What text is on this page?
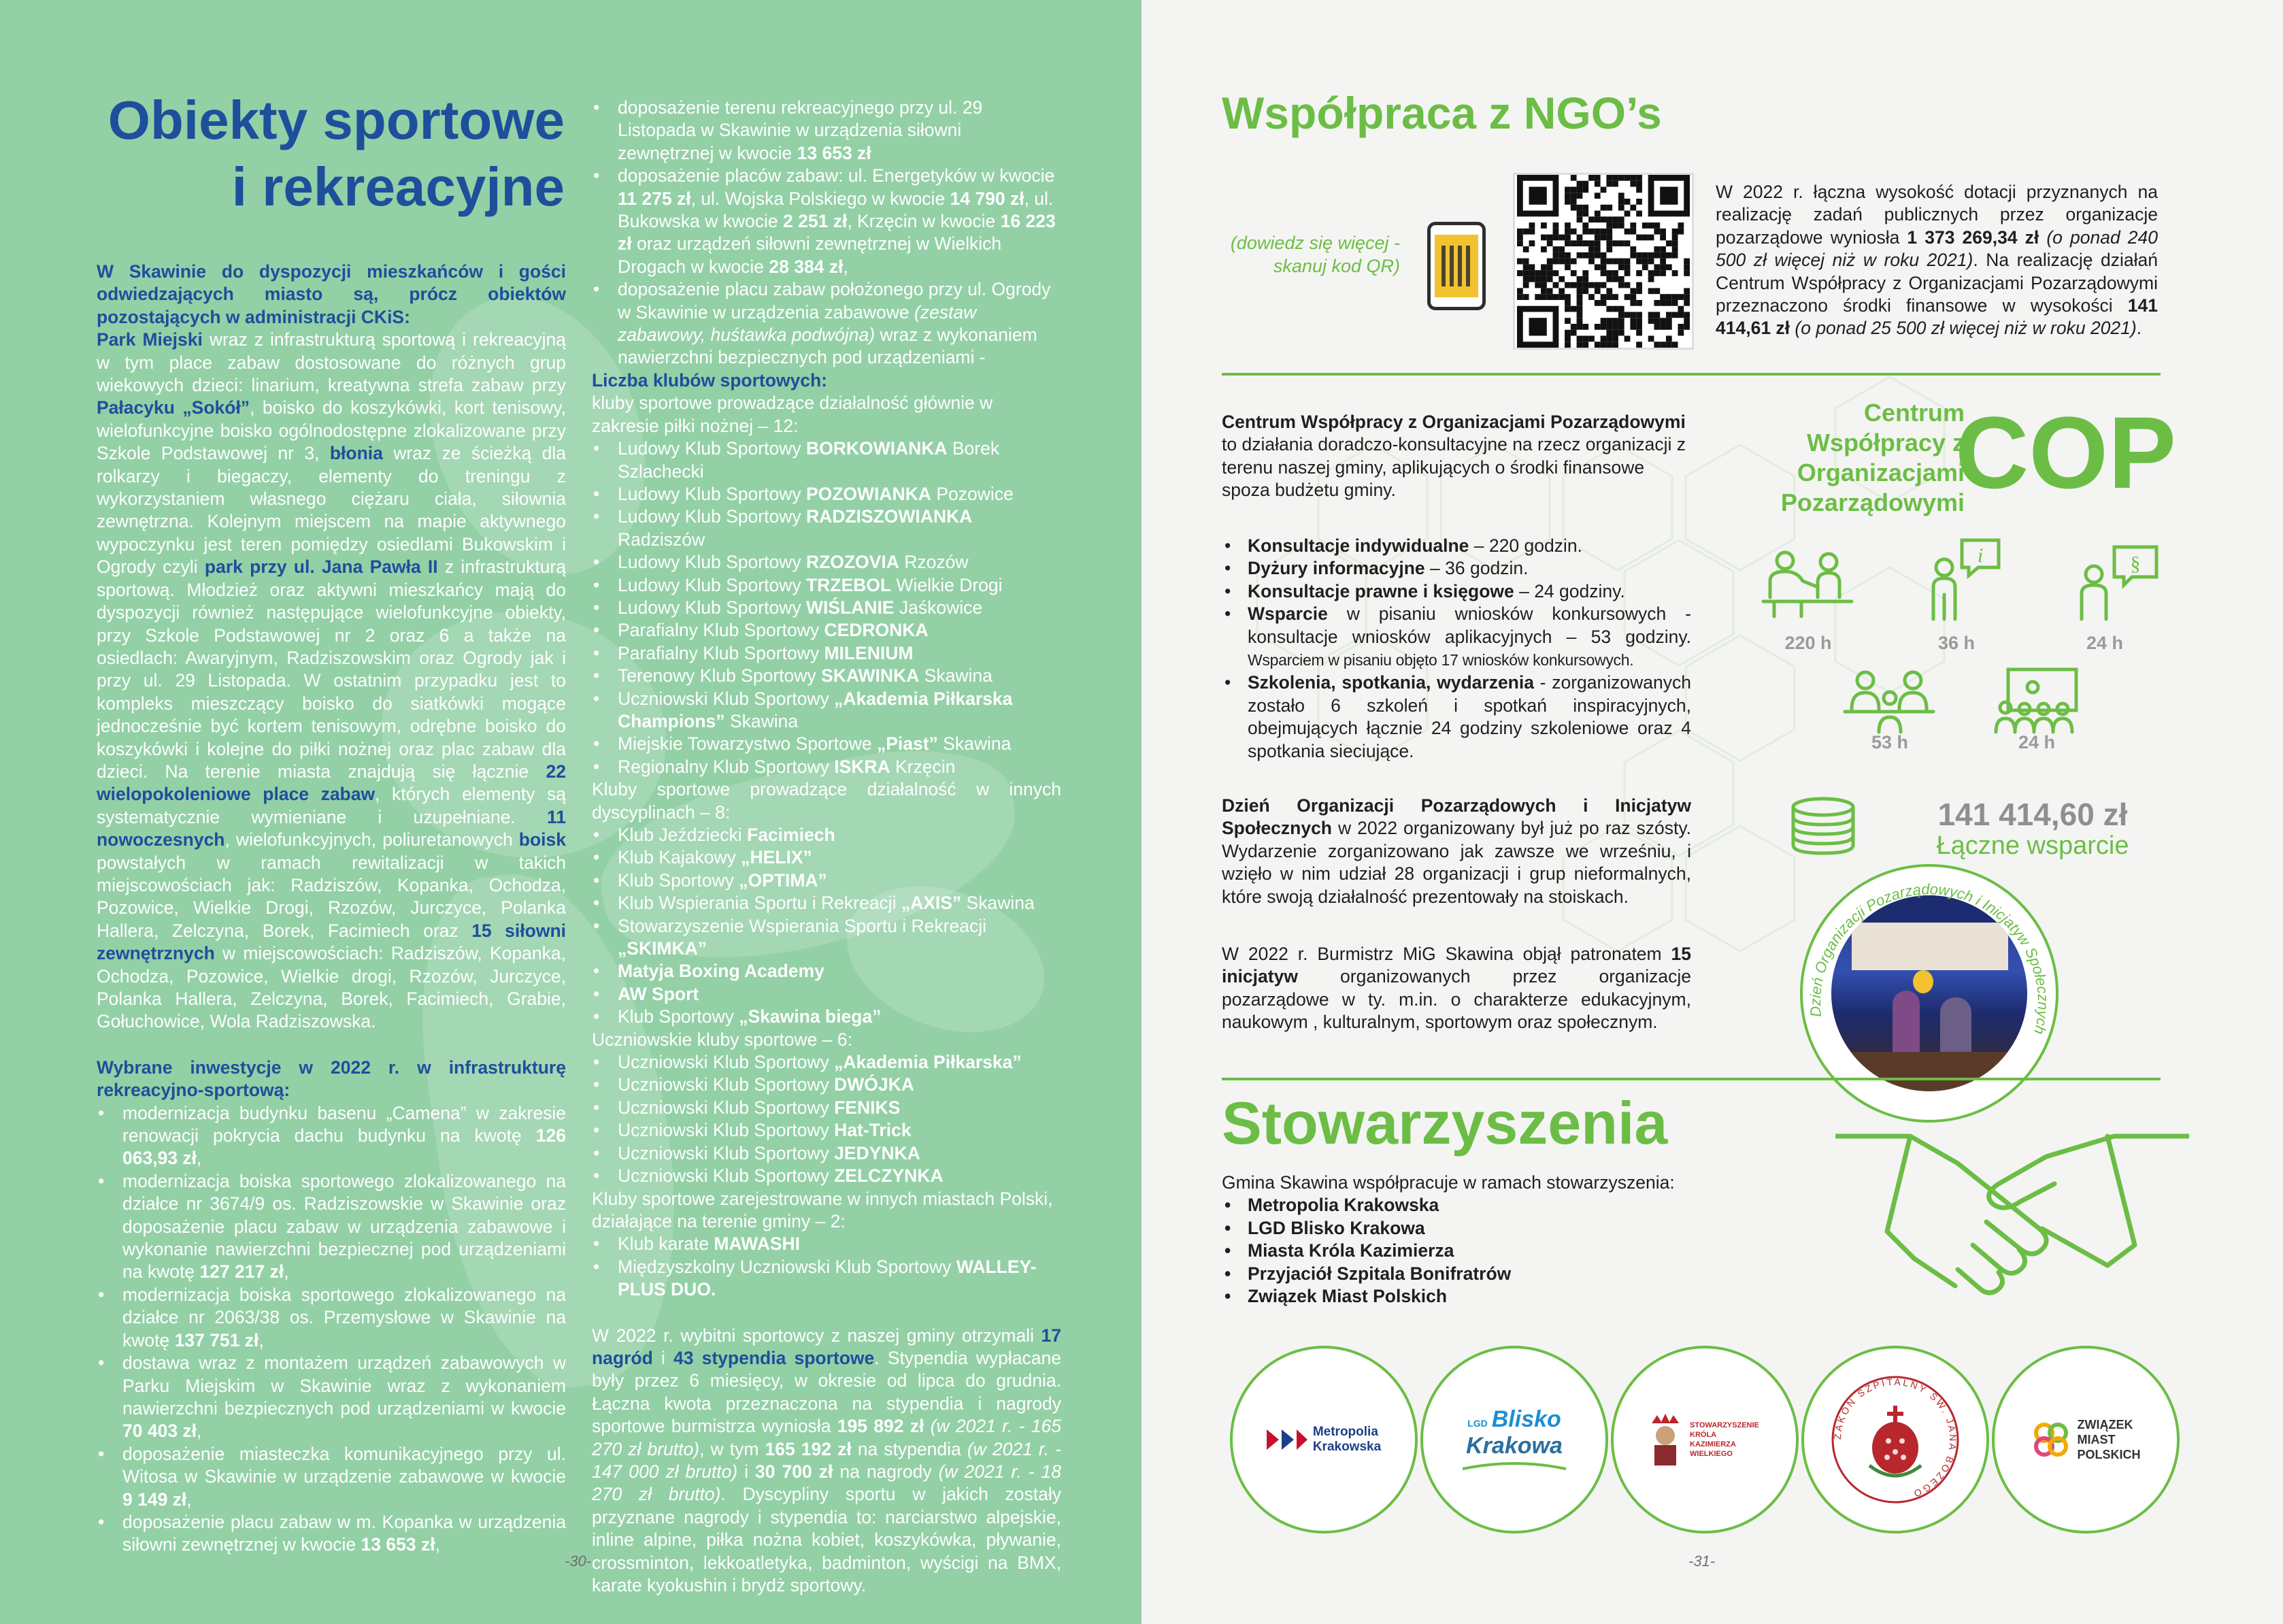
Obiekty sportowe
i rekreacyjne
W Skawinie do dyspozycji mieszkańców i gości odwiedzających miasto są, prócz obiektów pozostających w administracji CKiS:
Park Miejski wraz z infrastrukturą sportową i rekreacyjną w tym place zabaw dostosowane do różnych grup wiekowych dzieci: linarium, kreatywna strefa zabaw przy Pałacyku „Sokół”, boisko do koszykówki, kort tenisowy, wielofunkcyjne boisko ogólnodostępne zlokalizowane przy Szkole Podstawowej nr 3, błonia wraz ze ścieżką dla rolkarzy i biegaczy, elementy do treningu z wykorzystaniem własnego ciężaru ciała, siłownia zewnętrzna. Kolejnym miejscem na mapie aktywnego wypoczynku jest teren pomiędzy osiedlami Bukowskim i Ogrody czyli park przy ul. Jana Pawła II z infrastrukturą sportową. Młodzież oraz aktywni mieszkańcy mają do dyspozycji również następujące wielofunkcyjne obiekty, przy Szkole Podstawowej nr 2 oraz 6 a także na osiedlach: Awaryjnym, Radziszowskim oraz Ogrody jak i przy ul. 29 Listopada. W ostatnim przypadku jest to kompleks mieszczący boisko do siatkówki mogące jednocześnie być kortem tenisowym, odrębne boisko do koszykówki i kolejne do piłki nożnej oraz plac zabaw dla dzieci. Na terenie miasta znajdują się łącznie 22 wielopokoleniowe place zabaw, których elementy są systematycznie wymieniane i uzupełniane. 11 nowoczesnych, wielofunkcyjnych, poliuretanowych boisk powstałych w ramach rewitalizacji w takich miejscowościach jak: Radziszów, Kopanka, Ochodza, Pozowice, Wielkie Drogi, Rzozów, Jurczyce, Polanka Hallera, Zelczyna, Borek, Facimiech oraz 15 siłowni zewnętrznych w miejscowościach: Radziszów, Kopanka, Ochodza, Pozowice, Wielkie drogi, Rzozów, Jurczyce, Polanka Hallera, Zelczyna, Borek, Facimiech, Grabie, Gołuchowice, Wola Radziszowska.
Wybrane inwestycje w 2022 r. w infrastrukturę rekreacyjno-sportową:
• modernizacja budynku basenu „Camena” w zakresie renowacji pokrycia dachu budynku na kwotę 126 063,93 zł,
• modernizacja boiska sportowego zlokalizowanego na działce nr 3674/9 os. Radziszowskie w Skawinie oraz doposażenie placu zabaw w urządzenia zabawowe i wykonanie nawierzchni bezpiecznej pod urządzeniami na kwotę 127 217 zł,
• modernizacja boiska sportowego zlokalizowanego na działce nr 2063/38 os. Przemysłowe w Skawinie na kwotę 137 751 zł,
• dostawa wraz z montażem urządzeń zabawowych w Parku Miejskim w Skawinie wraz z wykonaniem nawierzchni bezpiecznych pod urządzeniami w kwocie 70 403 zł,
• doposażenie miasteczka komunikacyjnego przy ul. Witosa w Skawinie w urządzenie zabawowe w kwocie 9 149 zł,
• doposażenie placu zabaw w m. Kopanka w urządzenia siłowni zewnętrznej w kwocie 13 653 zł,
• doposażenie terenu rekreacyjnego przy ul. 29 Listopada w Skawinie w urządzenia siłowni zewnętrznej w kwocie 13 653 zł
• doposażenie placów zabaw: ul. Energetyków w kwocie 11 275 zł, ul. Wojska Polskiego w kwocie 14 790 zł, ul. Bukowska w kwocie 2 251 zł, Krzęcin w kwocie 16 223 zł oraz urządzeń siłowni zewnętrznej w Wielkich Drogach w kwocie 28 384 zł,
• doposażenie placu zabaw położonego przy ul. Ogrody w Skawinie w urządzenia zabawowe (zestaw zabawowy, huśtawka podwójna) wraz z wykonaniem nawierzchni bezpiecznych pod urządzeniami -
Liczba klubów sportowych:
kluby sportowe prowadzące działalność głównie w zakresie piłki nożnej – 12:
• Ludowy Klub Sportowy BORKOWIANKA Borek Szlachecki
• Ludowy Klub Sportowy POZOWIANKA Pozowice
• Ludowy Klub Sportowy RADZISZOWIANKA Radziszów
• Ludowy Klub Sportowy RZOZOVIA Rzozów
• Ludowy Klub Sportowy TRZEBOL Wielkie Drogi
• Ludowy Klub Sportowy WIŚLANIE Jaśkowice
• Parafialny Klub Sportowy CEDRONKA
• Parafialny Klub Sportowy MILENIUM
• Terenowy Klub Sportowy SKAWINKA Skawina
• Uczniowski Klub Sportowy „Akademia Piłkarska Champions” Skawina
• Miejskie Towarzystwo Sportowe „Piast” Skawina
• Regionalny Klub Sportowy ISKRA Krzęcin
Kluby sportowe prowadzące działalność w innych dyscyplinach – 8:
• Klub Jeździecki Facimiech
• Klub Kajakowy „HELIX”
• Klub Sportowy „OPTIMA”
• Klub Wspierania Sportu i Rekreacji „AXIS” Skawina
• Stowarzyszenie Wspierania Sportu i Rekreacji „SKIMKA”
• Matyja Boxing Academy
• AW Sport
• Klub Sportowy „Skawina biega”
Uczniowskie kluby sportowe – 6:
• Uczniowski Klub Sportowy „Akademia Piłkarska”
• Uczniowski Klub Sportowy DWÓJKA
• Uczniowski Klub Sportowy FENIKS
• Uczniowski Klub Sportowy Hat-Trick
• Uczniowski Klub Sportowy JEDYNKA
• Uczniowski Klub Sportowy ZELCZYNKA
Kluby sportowe zarejestrowane w innych miastach Polski, działające na terenie gminy – 2:
• Klub karate MAWASHI
• Międzyszkolny Uczniowski Klub Sportowy WALLEY-PLUS DUO.
W 2022 r. wybitni sportowcy z naszej gminy otrzymali 17 nagród i 43 stypendia sportowe. Stypendia wypłacane były przez 6 miesięcy, w okresie od lipca do grudnia. Łączna kwota przeznaczona na stypendia i nagrody sportowe burmistrza wyniosła 195 892 zł (w 2021 r. - 165 270 zł brutto), w tym 165 192 zł na stypendia (w 2021 r. - 147 000 zł brutto) i 30 700 zł na nagrody (w 2021 r. - 18 270 zł brutto). Dyscypliny sportu w jakich zostały przyznane nagrody i stypendia to: narciarstwo alpejskie, inline alpine, piłka nożna kobiet, koszykówka, pływanie, crossminton, lekkoatletyka, badminton, wyścigi na BMX, karate kyokushin i brydż sportowy.
-30-
Współpraca z NGO’s
(dowiedz się więcej - skanuj kod QR)
W 2022 r. łączna wysokość dotacji przyznanych na realizację zadań publicznych przez organizacje pozarządowe wyniosła 1 373 269,34 zł (o ponad 240 500 zł więcej niż w roku 2021). Na realizację działań Centrum Współpracy z Organizacjami Pozarządowymi przeznaczono środki finansowe w wysokości 141 414,61 zł (o ponad 25 500 zł więcej niż w roku 2021).
Centrum Współpracy z Organizacjami Pozarządowymi to działania doradczo-konsultacyjne na rzecz organizacji z terenu naszej gminy, aplikujących o środki finansowe spoza budżetu gminy.
• Konsultacje indywidualne – 220 godzin.
• Dyżury informacyjne – 36 godzin.
• Konsultacje prawne i księgowe – 24 godziny.
• Wsparcie w pisaniu wniosków konkursowych - konsultacje wniosków aplikacyjnych – 53 godziny. Wsparciem w pisaniu objęto 17 wniosków konkursowych.
• Szkolenia, spotkania, wydarzenia - zorganizowanych zostało 6 szkoleń i spotkań inspiracyjnych, obejmujących łącznie 24 godziny szkoleniowe oraz 4 spotkania sieciujące.
Centrum Współpracy z Organizacjami Pozarządowymi
COP
i	§
220 h	36 h	24 h
53 h	24 h
141 414,60 zł
Łączne wsparcie
Dzień Organizacji Pozarządowych i Inicjatyw Społecznych w 2022 organizowany był już po raz szósty. Wydarzenie zorganizowano jak zawsze we wrześniu, i wzięło w nim udział 28 organizacji i grup nieformalnych, które swoją działalność prezentowały na stoiskach.
W 2022 r. Burmistrz MiG Skawina objął patronatem 15 inicjatyw organizowanych przez organizacje pozarządowe w ty. m.in. o charakterze edukacyjnym, naukowym , kulturalnym, sportowym oraz społecznym.
Dzień Organizacji Pozarządowych i Inicjatyw Społecznych
Stowarzyszenia
Gmina Skawina współpracuje w ramach stowarzyszenia:
• Metropolia Krakowska
• LGD Blisko Krakowa
• Miasta Króla Kazimierza
• Przyjaciół Szpitala Bonifratrów
• Związek Miast Polskich
Metropolia
Krakowska
LGD Blisko
Krakowa
STOWARZYSZENIE
KRÓLA
KAZIMIERZA WIELKIEGO
ZAKON SZPITALNY ŚW. JANA BOŻEGO
ZWIĄZEK
MIAST
POLSKICH
-31-
